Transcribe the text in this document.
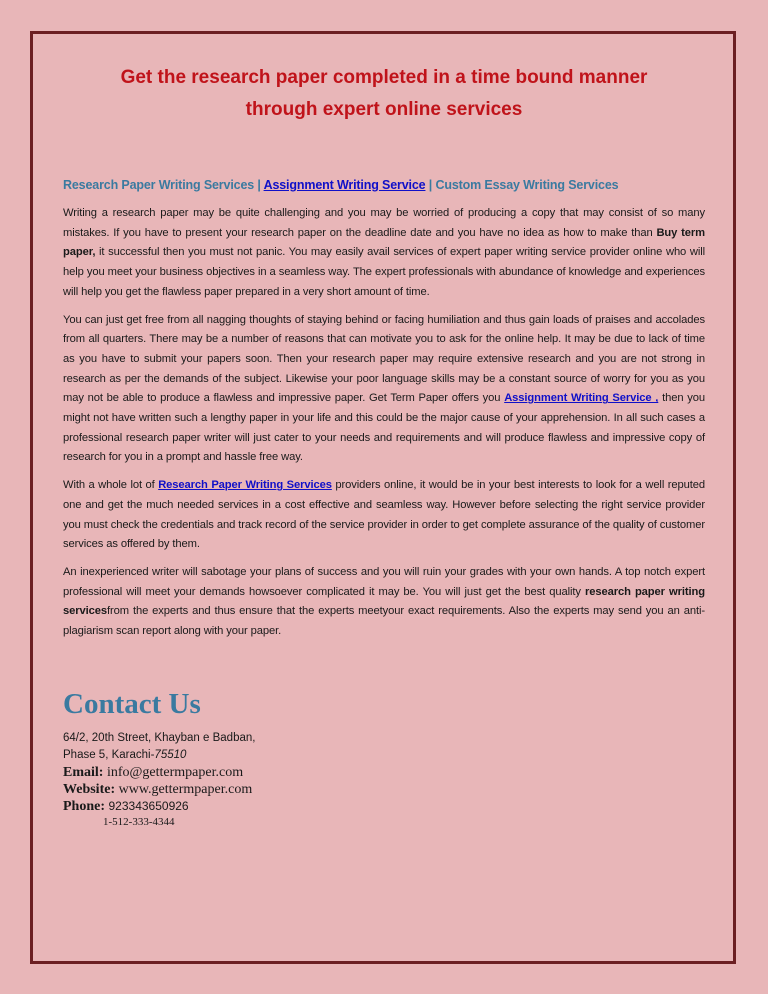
Get the research paper completed in a time bound manner
through expert online services
Research Paper Writing Services | Assignment Writing Service | Custom Essay Writing Services

Writing a research paper may be quite challenging and you may be worried of producing a copy that may consist of so many mistakes. If you have to present your research paper on the deadline date and you have no idea as how to make than Buy term paper, it successful then you must not panic. You may easily avail services of expert paper writing service provider online who will help you meet your business objectives in a seamless way. The expert professionals with abundance of knowledge and experiences will help you get the flawless paper prepared in a very short amount of time.

You can just get free from all nagging thoughts of staying behind or facing humiliation and thus gain loads of praises and accolades from all quarters. There may be a number of reasons that can motivate you to ask for the online help. It may be due to lack of time as you have to submit your papers soon. Then your research paper may require extensive research and you are not strong in research as per the demands of the subject. Likewise your poor language skills may be a constant source of worry for you as you may not be able to produce a flawless and impressive paper. Get Term Paper offers you Assignment Writing Service , then you might not have written such a lengthy paper in your life and this could be the major cause of your apprehension. In all such cases a professional research paper writer will just cater to your needs and requirements and will produce flawless and impressive copy of research for you in a prompt and hassle free way.

With a whole lot of Research Paper Writing Services providers online, it would be in your best interests to look for a well reputed one and get the much needed services in a cost effective and seamless way. However before selecting the right service provider you must check the credentials and track record of the service provider in order to get complete assurance of the quality of customer services as offered by them.

An inexperienced writer will sabotage your plans of success and you will ruin your grades with your own hands. A top notch expert professional will meet your demands howsoever complicated it may be. You will just get the best quality research paper writing servicesfrom the experts and thus ensure that the experts meetyour exact requirements. Also the experts may send you an anti-plagiarism scan report along with your paper.

Contact Us
64/2, 20th Street, Khayban e Badban,
Phase 5, Karachi-75510
Email: info@gettermpaper.com
Website: www.gettermpaper.com
Phone: 923343650926
1-512-333-4344
